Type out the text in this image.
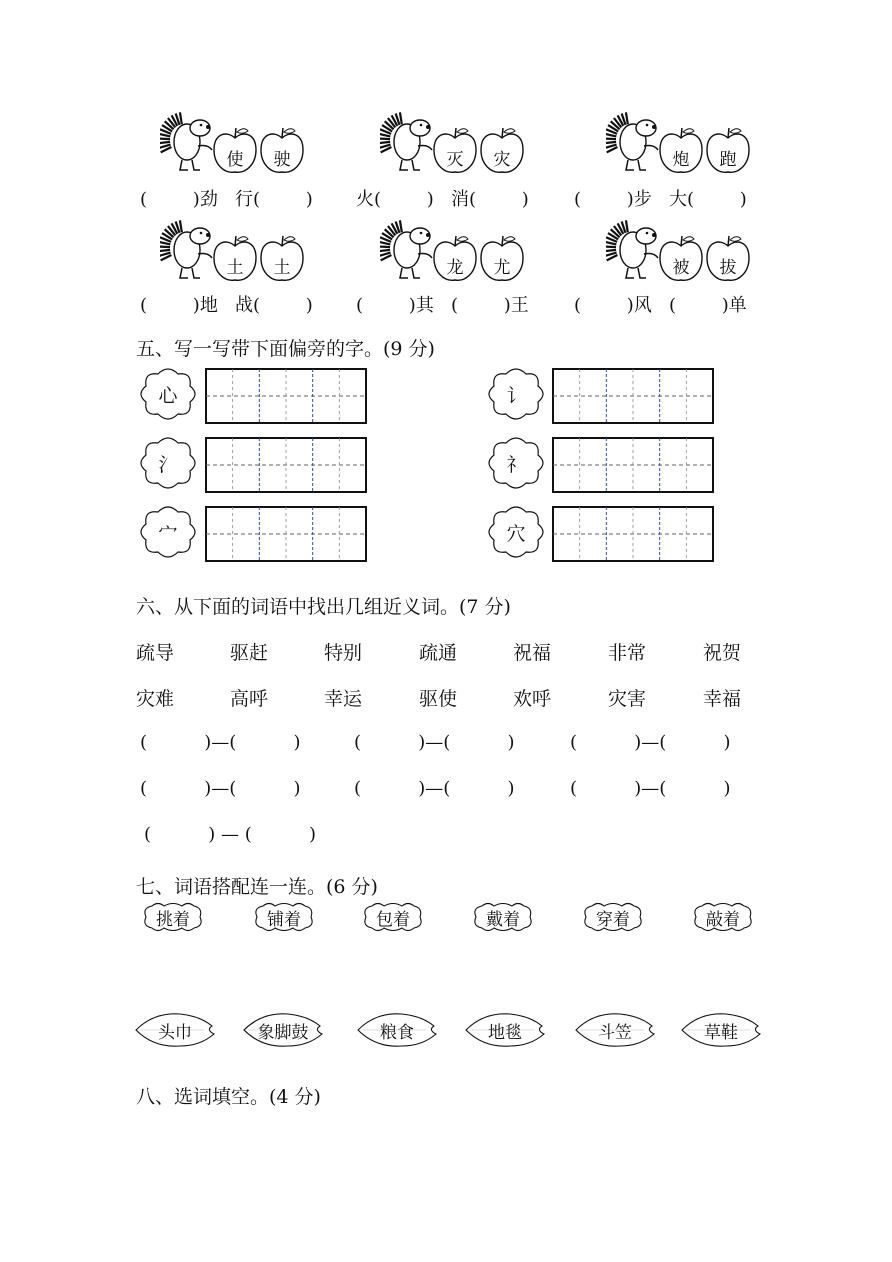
使	驶
(        )劲   行(        )
灭	灾
火(        )   消(        )
炮	跑
(        )步   大(        )
土	土
(        )地   战(        )
龙	尤
(        )其   (        )王
被	拔
(        )风   (        )单
五、写一写带下面偏旁的字。(9 分)
心	讠
氵	礻
宀	穴
六、从下面的词语中找出几组近义词。(7 分)
疏导	驱赶	特别	疏通	祝福	非常	祝贺
灾难	高呼	幸运	驱使	欢呼	灾害	幸福
(          )—(          )	(          )—(          )	(          )—(          )
(          )—(          )	(          )—(          )	(          )—(          )
(          ) — (          )
七、词语搭配连一连。(6 分)
挑着	铺着	包着	戴着	穿着	敲着
头巾	象脚鼓	粮食	地毯	斗笠	草鞋
八、选词填空。(4 分)
